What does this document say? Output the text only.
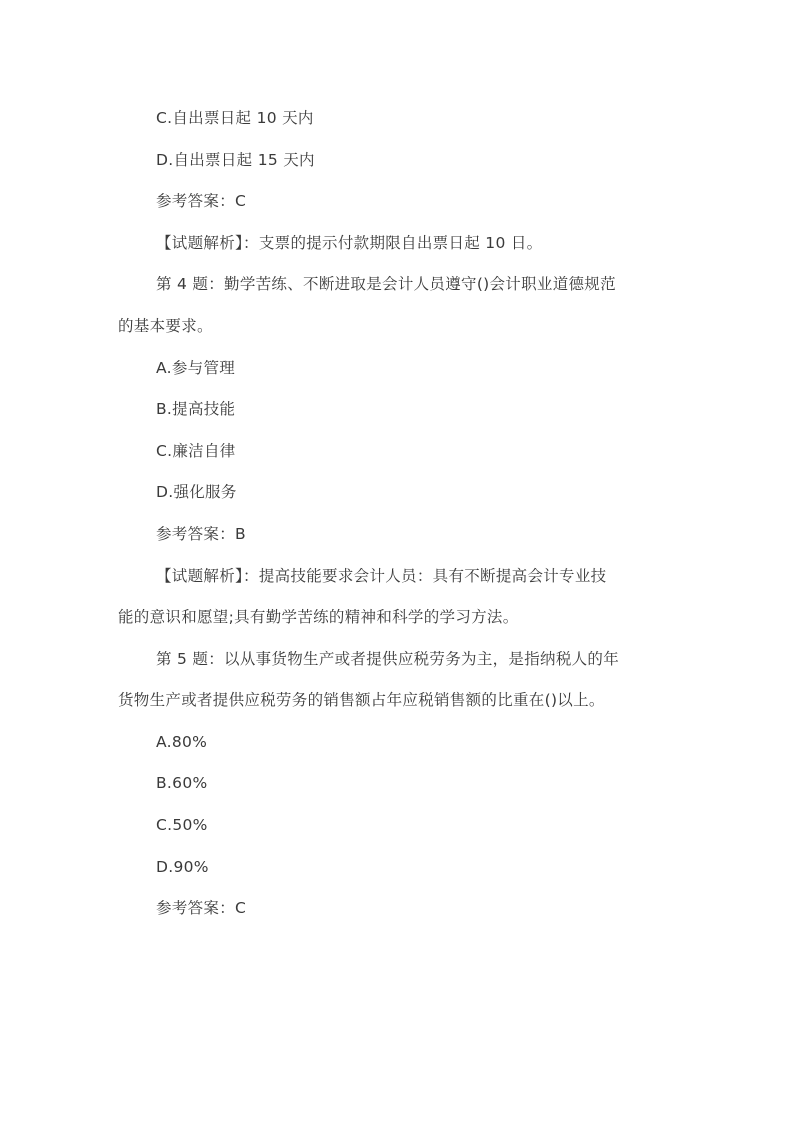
C.自出票日起 10 天内
D.自出票日起 15 天内
参考答案：C
【试题解析】：支票的提示付款期限自出票日起 10 日。
第 4 题：勤学苦练、不断进取是会计人员遵守()会计职业道德规范
的基本要求。
A.参与管理
B.提高技能
C.廉洁自律
D.强化服务
参考答案：B
【试题解析】：提高技能要求会计人员：具有不断提高会计专业技
能的意识和愿望;具有勤学苦练的精神和科学的学习方法。
第 5 题：以从事货物生产或者提供应税劳务为主，是指纳税人的年
货物生产或者提供应税劳务的销售额占年应税销售额的比重在()以上。
A.80%
B.60%
C.50%
D.90%
参考答案：C
